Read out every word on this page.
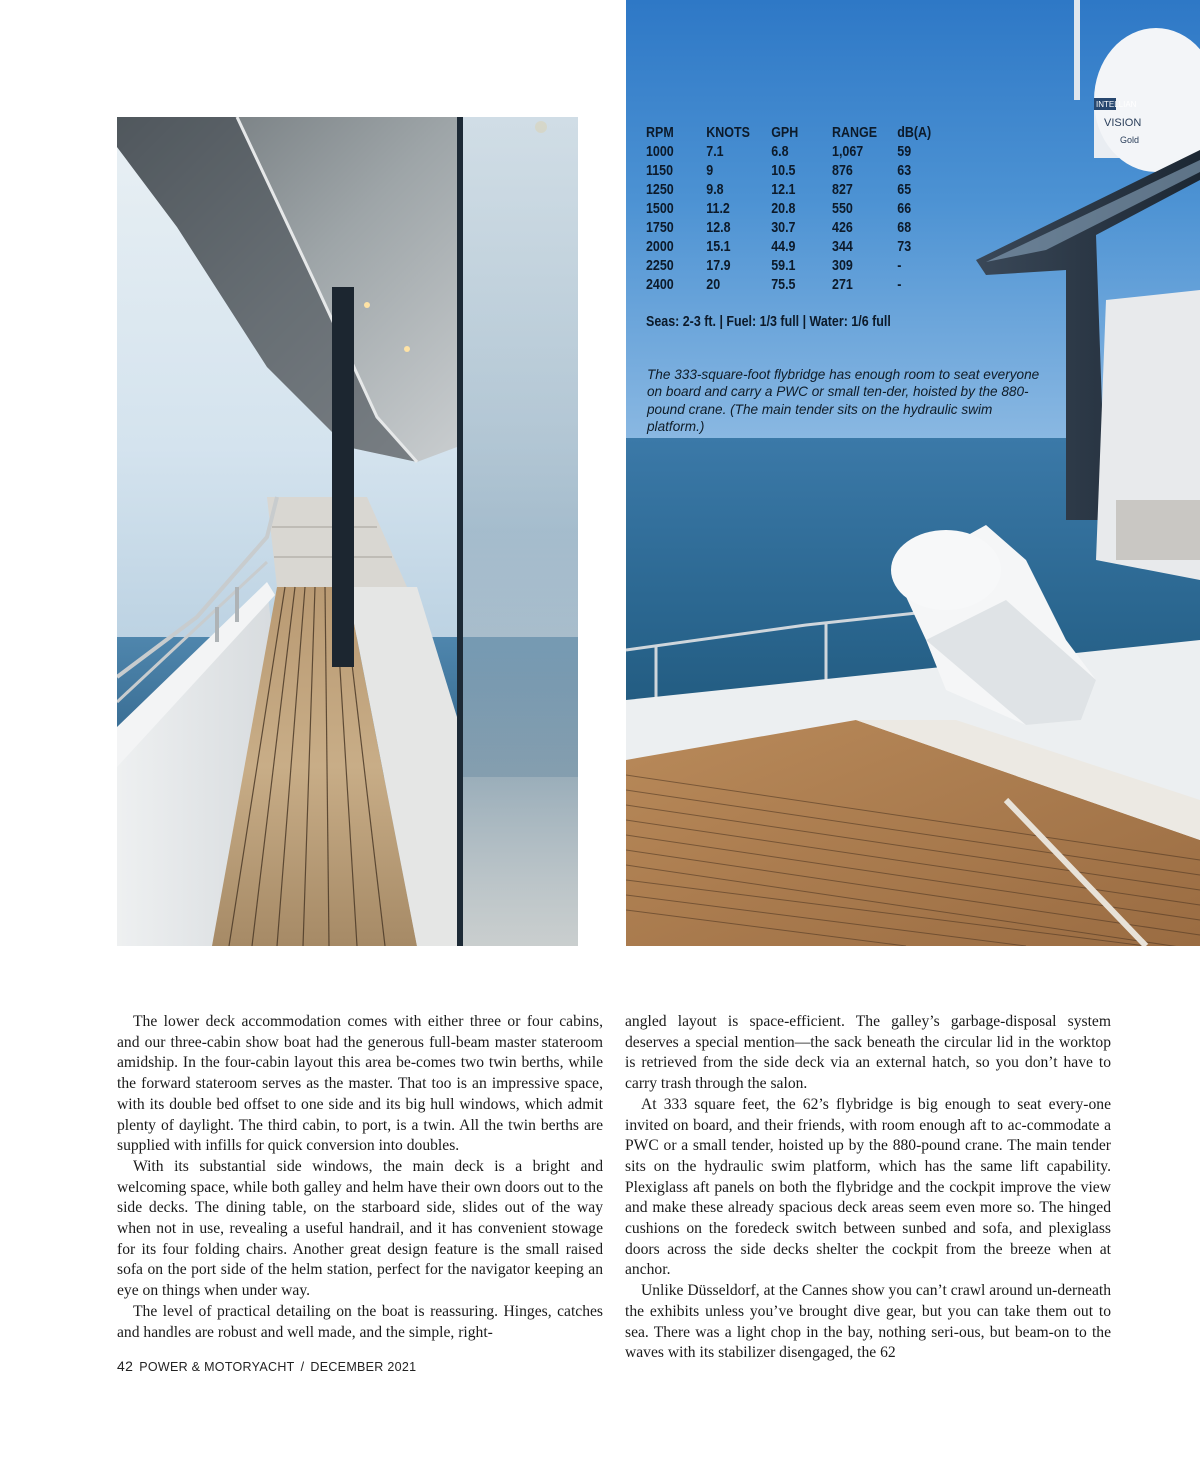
INTELLIAN
VISION
Gold
RPM	KNOTS	GPH	RANGE	dB(A)
1000	7.1	6.8	1,067	59
1150	9	10.5	876	63
1250	9.8	12.1	827	65
1500	11.2	20.8	550	66
1750	12.8	30.7	426	68
2000	15.1	44.9	344	73
2250	17.9	59.1	309	-
2400	20	75.5	271	-
Seas: 2-3 ft. | Fuel: 1/3 full | Water: 1/6 full
The 333-square-foot flybridge has enough room to seat everyone on board and carry a PWC or small ten-der, hoisted by the 880-pound crane. (The main tender sits on the hydraulic swim platform.)

The lower deck accommodation comes with either three or four cabins, and our three-cabin show boat had the generous full-beam master stateroom amidship. In the four-cabin layout this area be-comes two twin berths, while the forward stateroom serves as the master. That too is an impressive space, with its double bed offset to one side and its big hull windows, which admit plenty of daylight. The third cabin, to port, is a twin. All the twin berths are supplied with infills for quick conversion into doubles.

With its substantial side windows, the main deck is a bright and welcoming space, while both galley and helm have their own doors out to the side decks. The dining table, on the starboard side, slides out of the way when not in use, revealing a useful handrail, and it has convenient stowage for its four folding chairs. Another great design feature is the small raised sofa on the port side of the helm station, perfect for the navigator keeping an eye on things when under way.

The level of practical detailing on the boat is reassuring. Hinges, catches and handles are robust and well made, and the simple, right-

angled layout is space-efficient. The galley’s garbage-disposal system deserves a special mention—the sack beneath the circular lid in the worktop is retrieved from the side deck via an external hatch, so you don’t have to carry trash through the salon.

At 333 square feet, the 62’s flybridge is big enough to seat every-one invited on board, and their friends, with room enough aft to ac-commodate a PWC or a small tender, hoisted up by the 880-pound crane. The main tender sits on the hydraulic swim platform, which has the same lift capability. Plexiglass aft panels on both the flybridge and the cockpit improve the view and make these already spacious deck areas seem even more so. The hinged cushions on the foredeck switch between sunbed and sofa, and plexiglass doors across the side decks shelter the cockpit from the breeze when at anchor.

Unlike Düsseldorf, at the Cannes show you can’t crawl around un-derneath the exhibits unless you’ve brought dive gear, but you can take them out to sea. There was a light chop in the bay, nothing seri-ous, but beam-on to the waves with its stabilizer disengaged, the 62

42 POWER & MOTORYACHT / DECEMBER 2021
